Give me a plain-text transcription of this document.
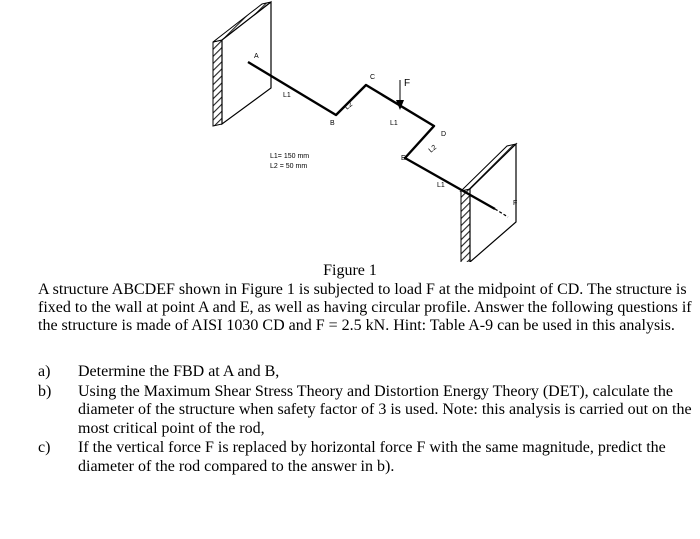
A
B
C
D
E
F
F
L1
L2
L1
L2
L1
L1= 150 mm
L2 = 50 mm
Figure 1

A structure ABCDEF shown in Figure 1 is subjected to load F at the midpoint of CD. The structure is fixed to the wall at point A and E, as well as having circular profile. Answer the following questions if the structure is made of AISI 1030 CD and F = 2.5 kN. Hint: Table A-9 can be used in this analysis.

a)	Determine the FBD at A and B,
b)	Using the Maximum Shear Stress Theory and Distortion Energy Theory (DET), calculate the diameter of the structure when safety factor of 3 is used. Note: this analysis is carried out on the most critical point of the rod,
c)	If the vertical force F is replaced by horizontal force F with the same magnitude, predict the diameter of the rod compared to the answer in b).
